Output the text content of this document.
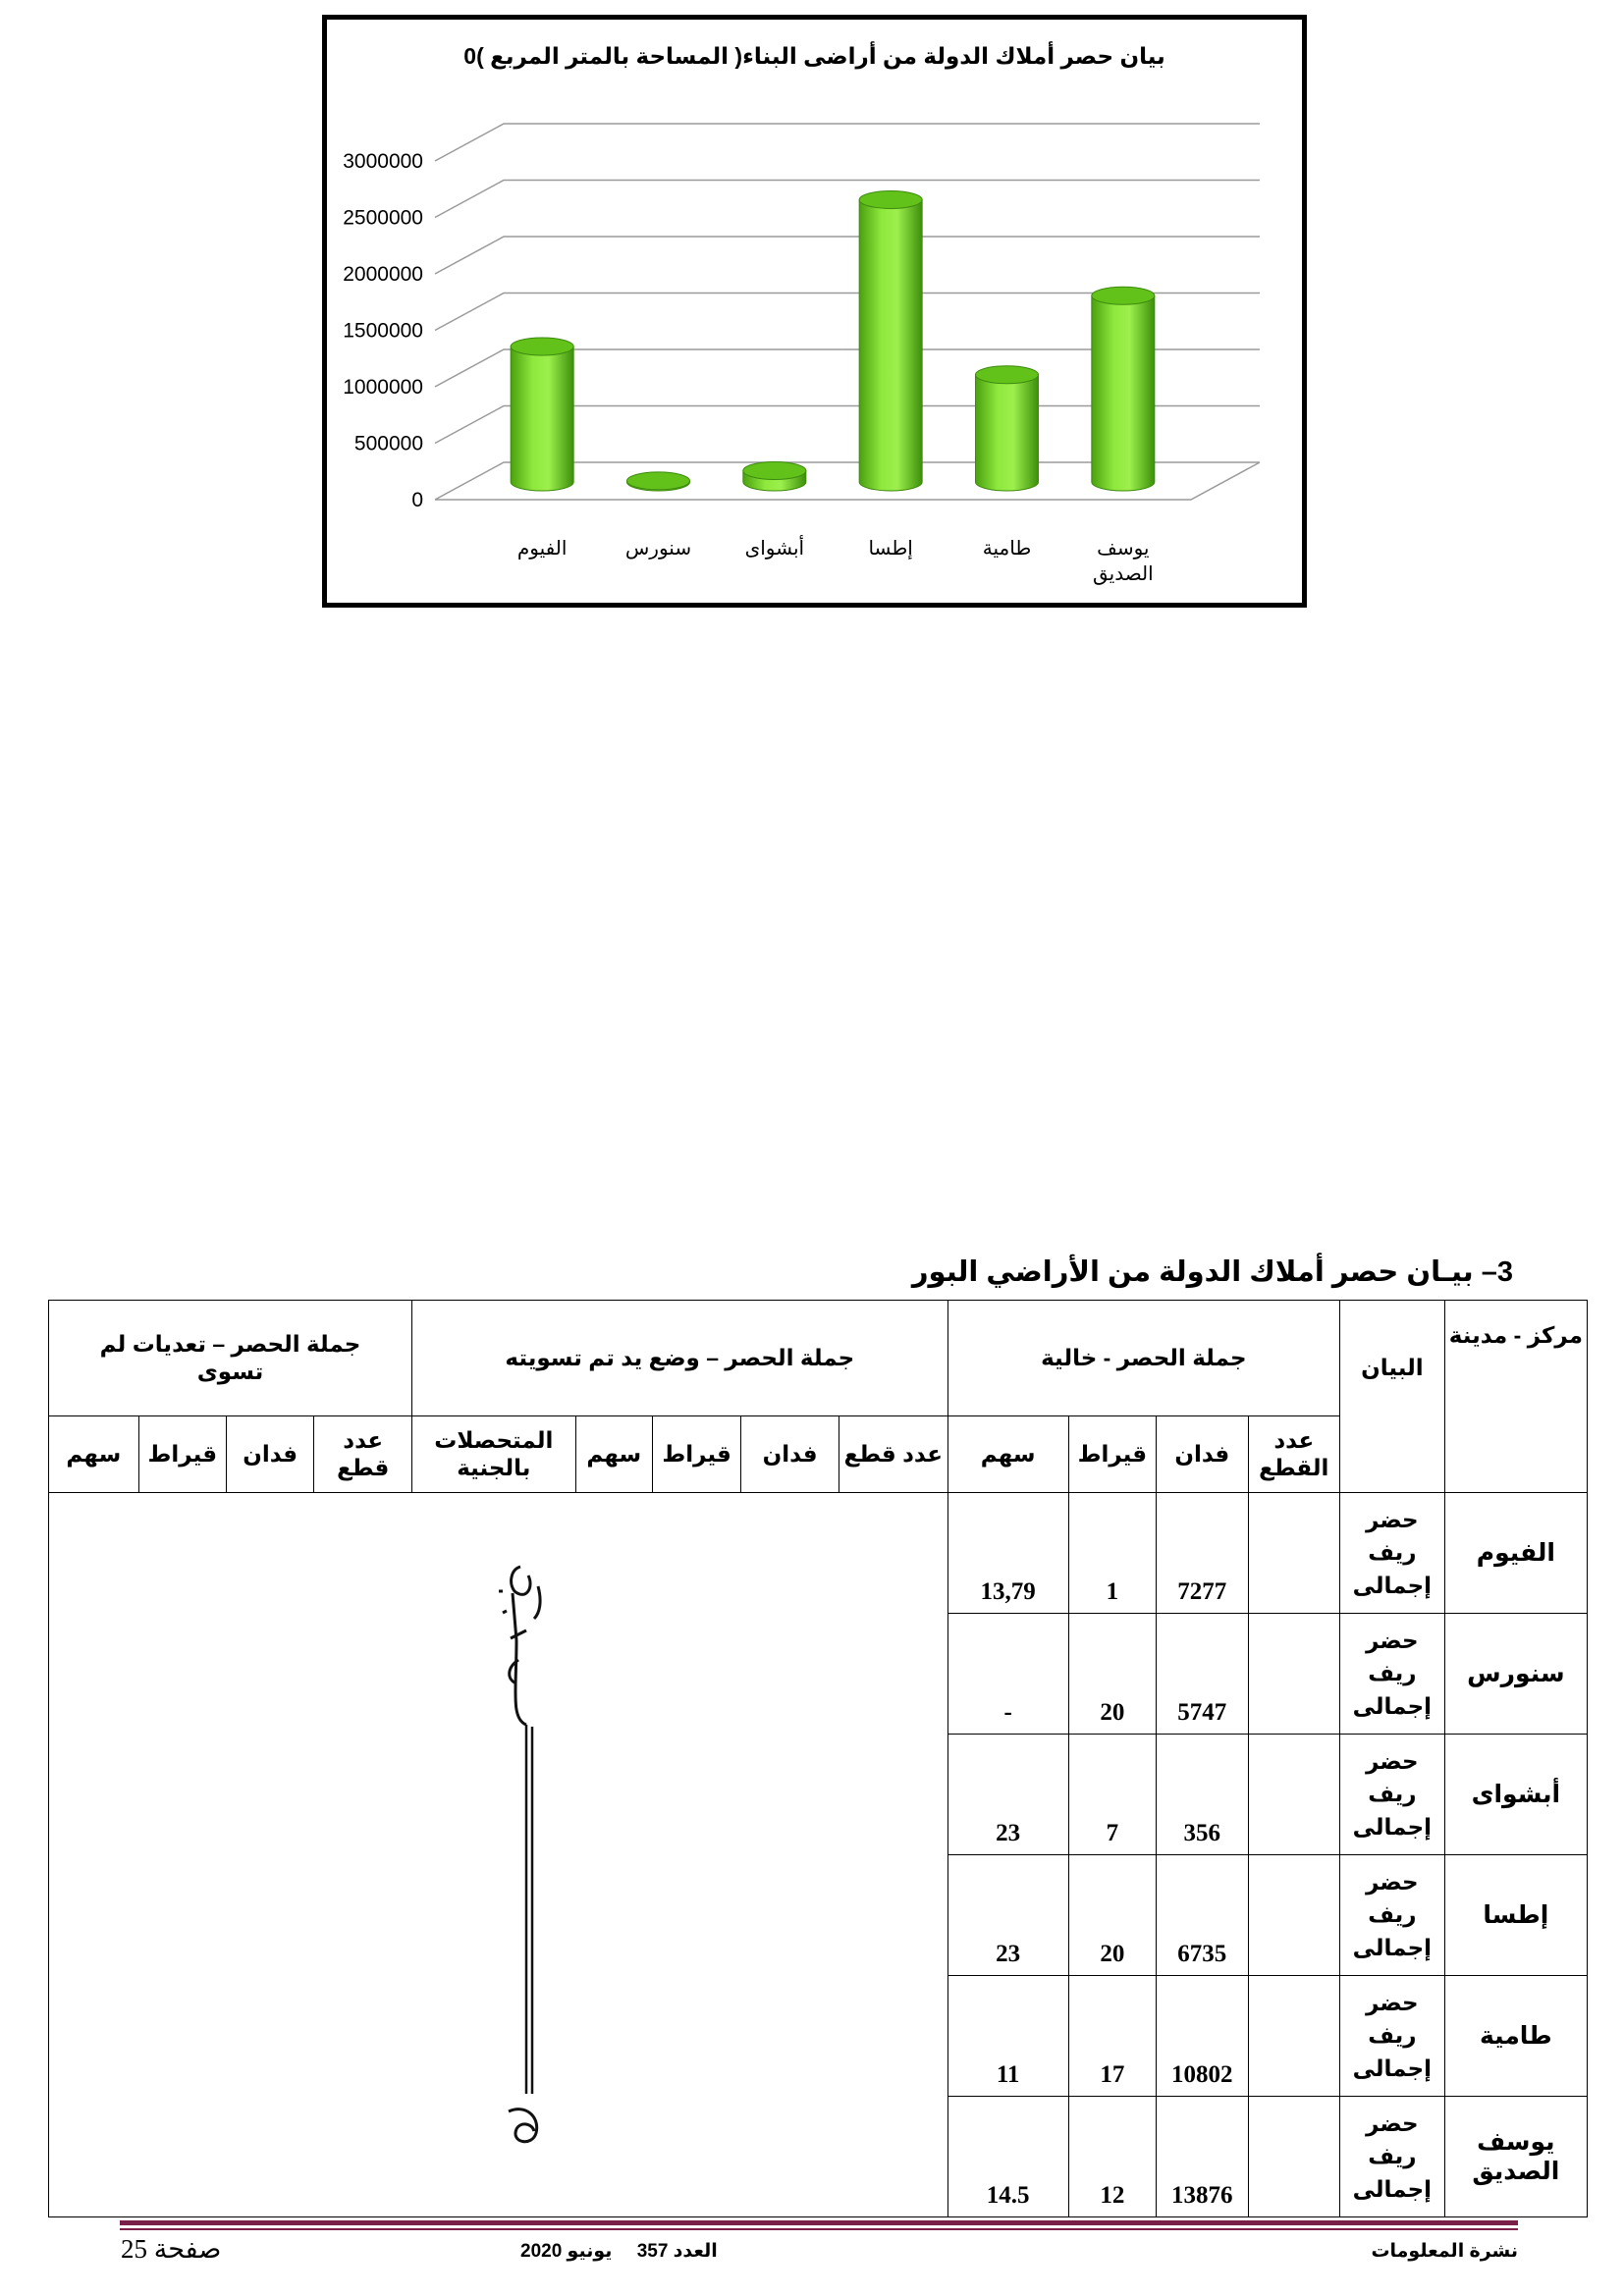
بيان حصر أملاك الدولة من أراضى البناء( المساحة بالمتر المربع )0
0
500000
1000000
1500000
2000000
2500000
3000000
الفيوم	سنورس	أبشواى	إطسا	طامية	يوسف الصديق
3– بيـان حصر أملاك الدولة من الأراضي البور
مركز - مدينة	البيان	جملة الحصر - خالية				جملة الحصر – وضع يد تم تسويته					جملة الحصر – تعديات لم تسوى			
		عدد القطع	فدان	قيراط	سهم	عدد قطع	فدان	قيراط	سهم	المتحصلات بالجنية	عدد قطع	فدان	قيراط	سهم
الفيوم	حضر
ريف
إجمالى		7277	1	13,79	

سنورس	حضر
ريف
إجمالى		5747	20	-									
أبشواى	حضر
ريف
إجمالى		356	7	23									
إطسا	حضر
ريف
إجمالى		6735	20	23									
طامية	حضر
ريف
إجمالى		10802	17	11									
يوسف الصديق	حضر
ريف
إجمالى		13876	12	14.5									
صفحة 25	العدد 357 يونيو 2020	نشرة المعلومات
